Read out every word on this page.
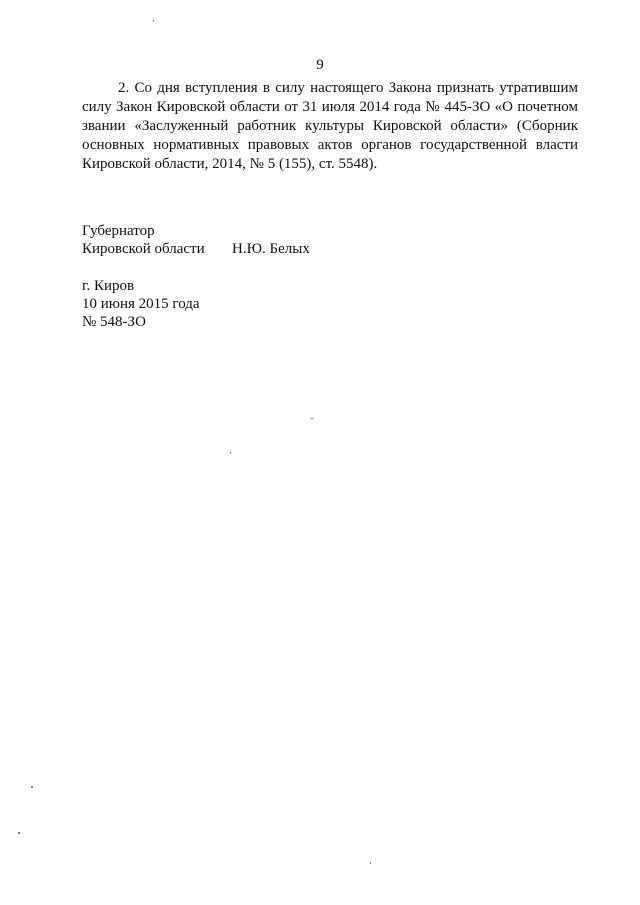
9
2. Со дня вступления в силу настоящего Закона признать утратившим
силу Закон Кировской области от 31 июля 2014 года № 445-ЗО «О почетном
звании «Заслуженный работник культуры Кировской области» (Сборник
основных нормативных правовых актов органов государственной власти
Кировской области, 2014, № 5 (155), ст. 5548).
Губернатор
Кировской области	Н.Ю. Белых
г. Киров
10 июня 2015 года
№ 548-ЗО
